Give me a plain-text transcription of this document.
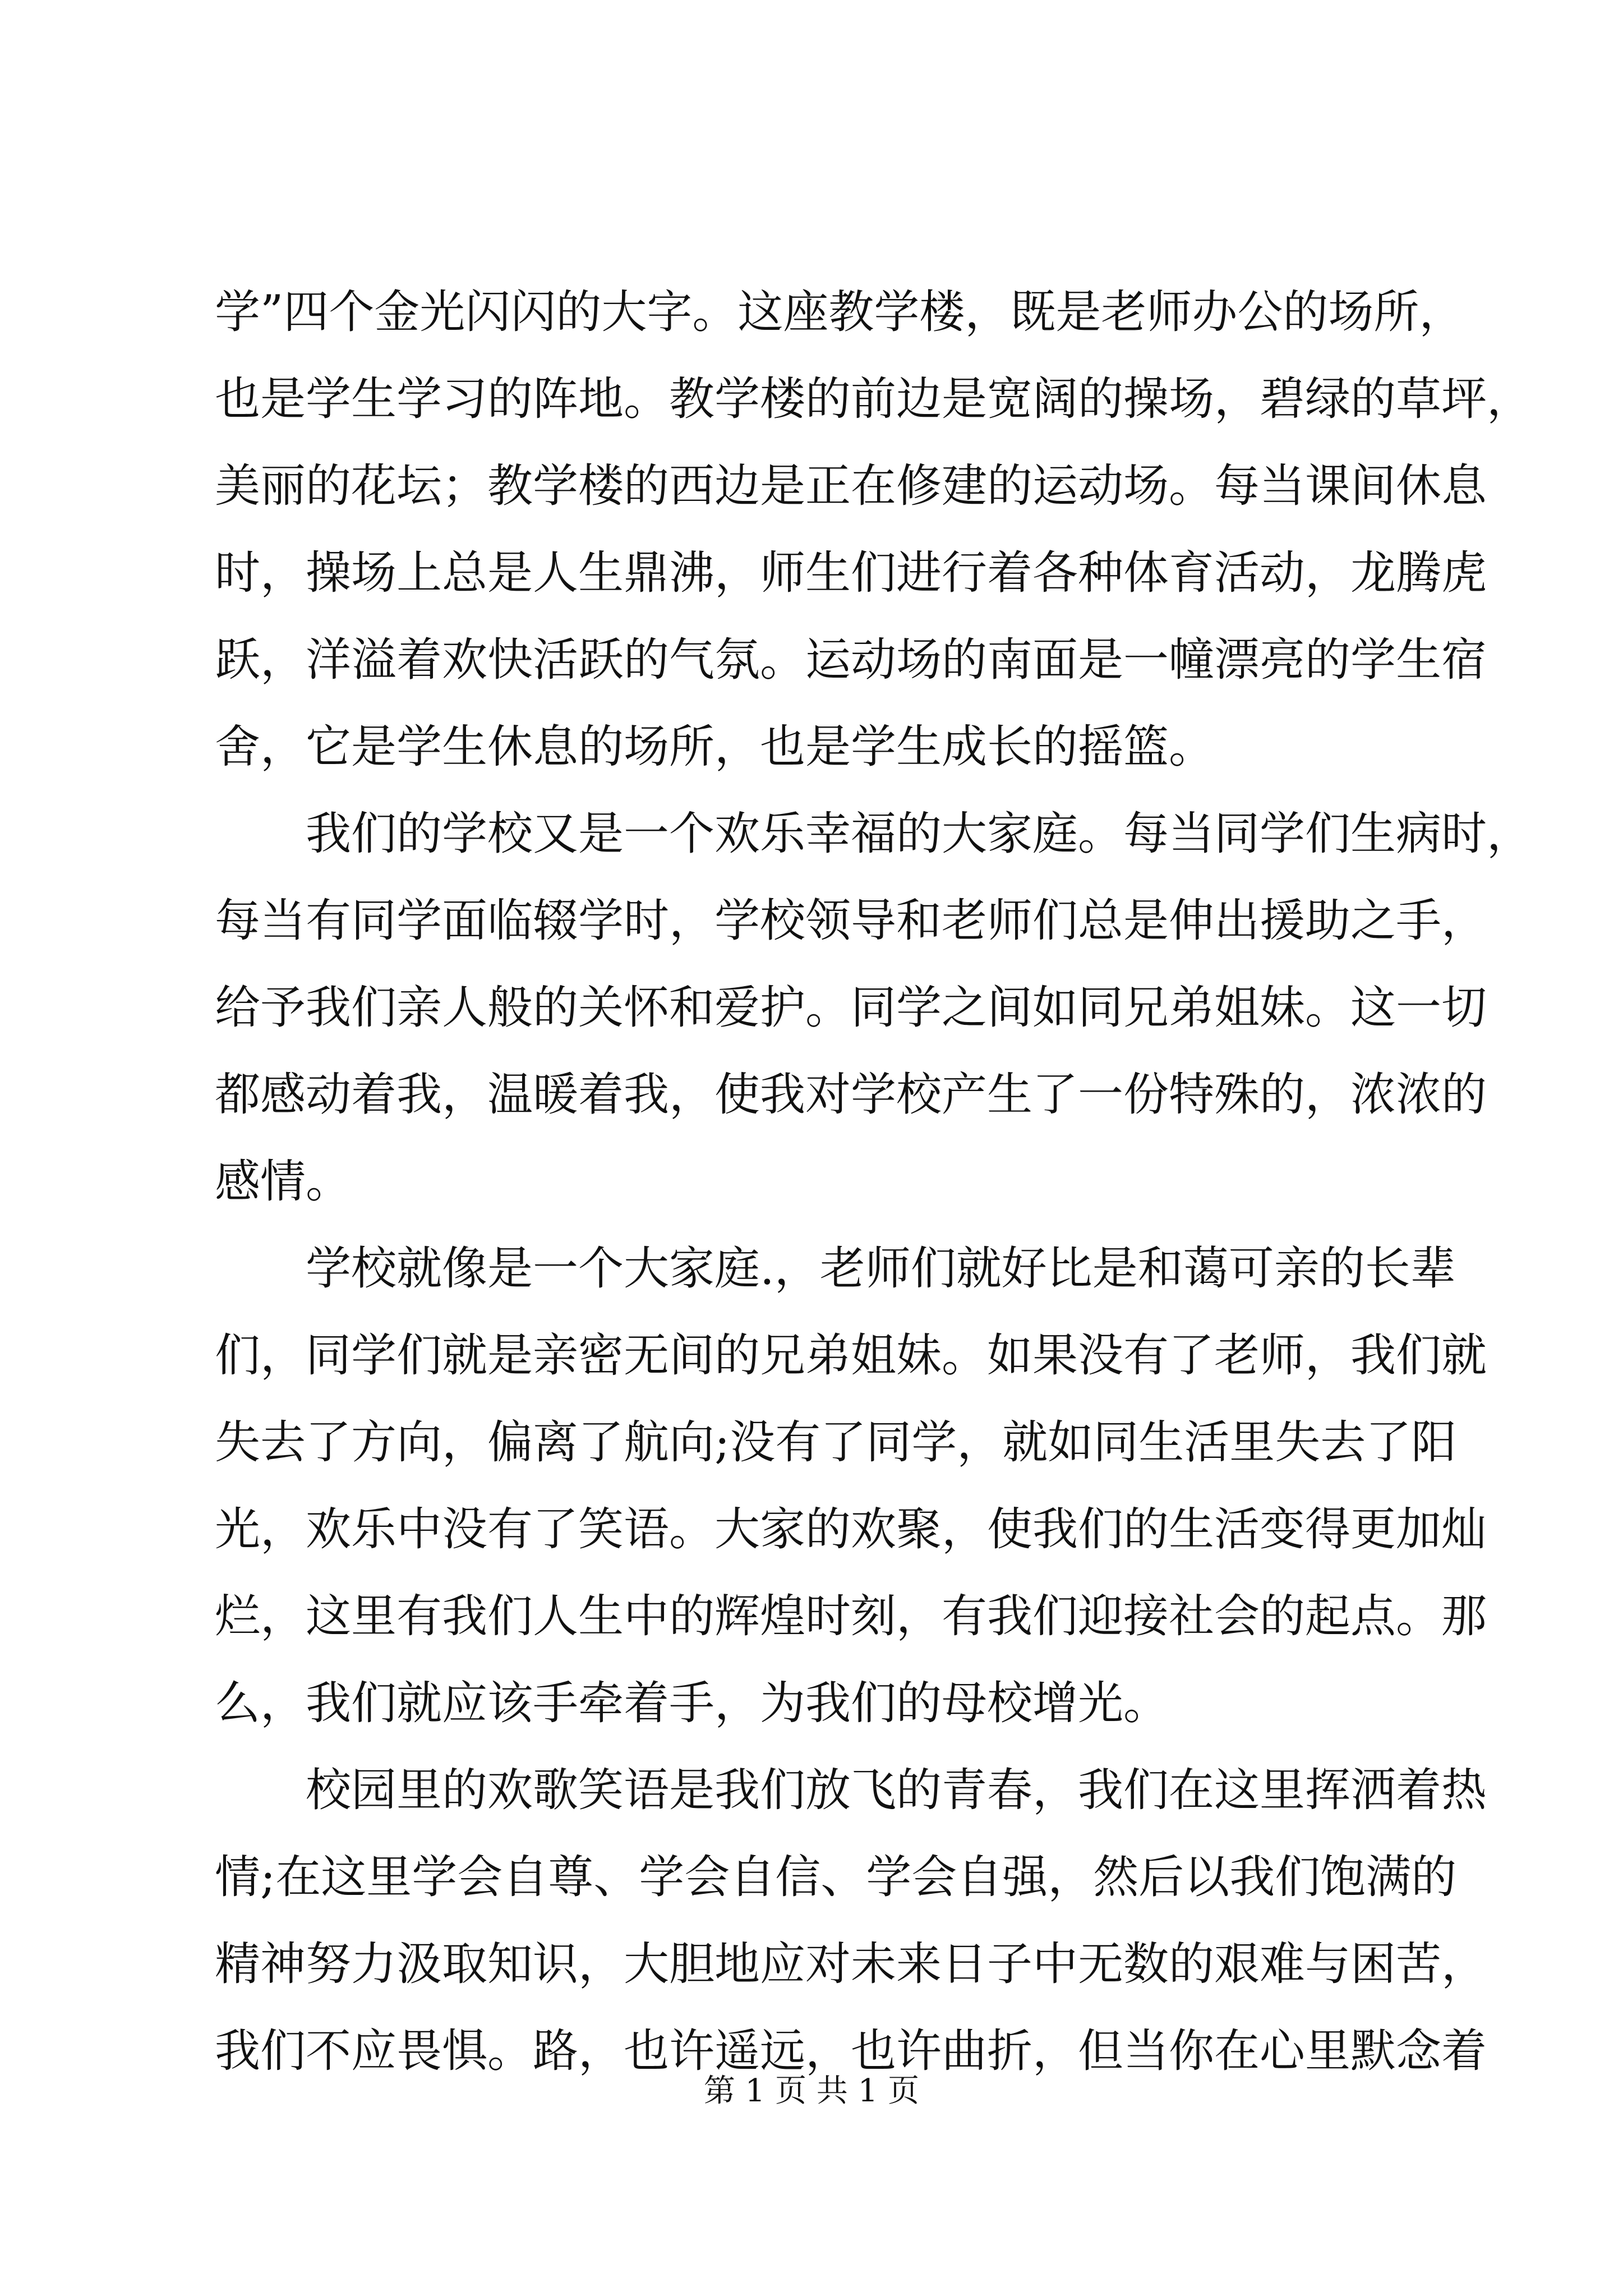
学”四个金光闪闪的大字。这座教学楼，既是老师办公的场所，
也是学生学习的阵地。教学楼的前边是宽阔的操场，碧绿的草坪，
美丽的花坛；教学楼的西边是正在修建的运动场。每当课间休息
时，操场上总是人生鼎沸，师生们进行着各种体育活动，龙腾虎
跃，洋溢着欢快活跃的气氛。运动场的南面是一幢漂亮的学生宿
舍，它是学生休息的场所，也是学生成长的摇篮。
　　我们的学校又是一个欢乐幸福的大家庭。每当同学们生病时，
每当有同学面临辍学时，学校领导和老师们总是伸出援助之手，
给予我们亲人般的关怀和爱护。同学之间如同兄弟姐妹。这一切
都感动着我，温暖着我，使我对学校产生了一份特殊的，浓浓的
感情。
　　学校就像是一个大家庭.，老师们就好比是和蔼可亲的长辈
们，同学们就是亲密无间的兄弟姐妹。如果没有了老师，我们就
失去了方向，偏离了航向;没有了同学，就如同生活里失去了阳
光，欢乐中没有了笑语。大家的欢聚，使我们的生活变得更加灿
烂，这里有我们人生中的辉煌时刻，有我们迎接社会的起点。那
么，我们就应该手牵着手，为我们的母校增光。
　　校园里的欢歌笑语是我们放飞的青春，我们在这里挥洒着热
情;在这里学会自尊、学会自信、学会自强，然后以我们饱满的
精神努力汲取知识，大胆地应对未来日子中无数的艰难与困苦，
我们不应畏惧。路，也许遥远，也许曲折，但当你在心里默念着
第 1 页 共 1 页
